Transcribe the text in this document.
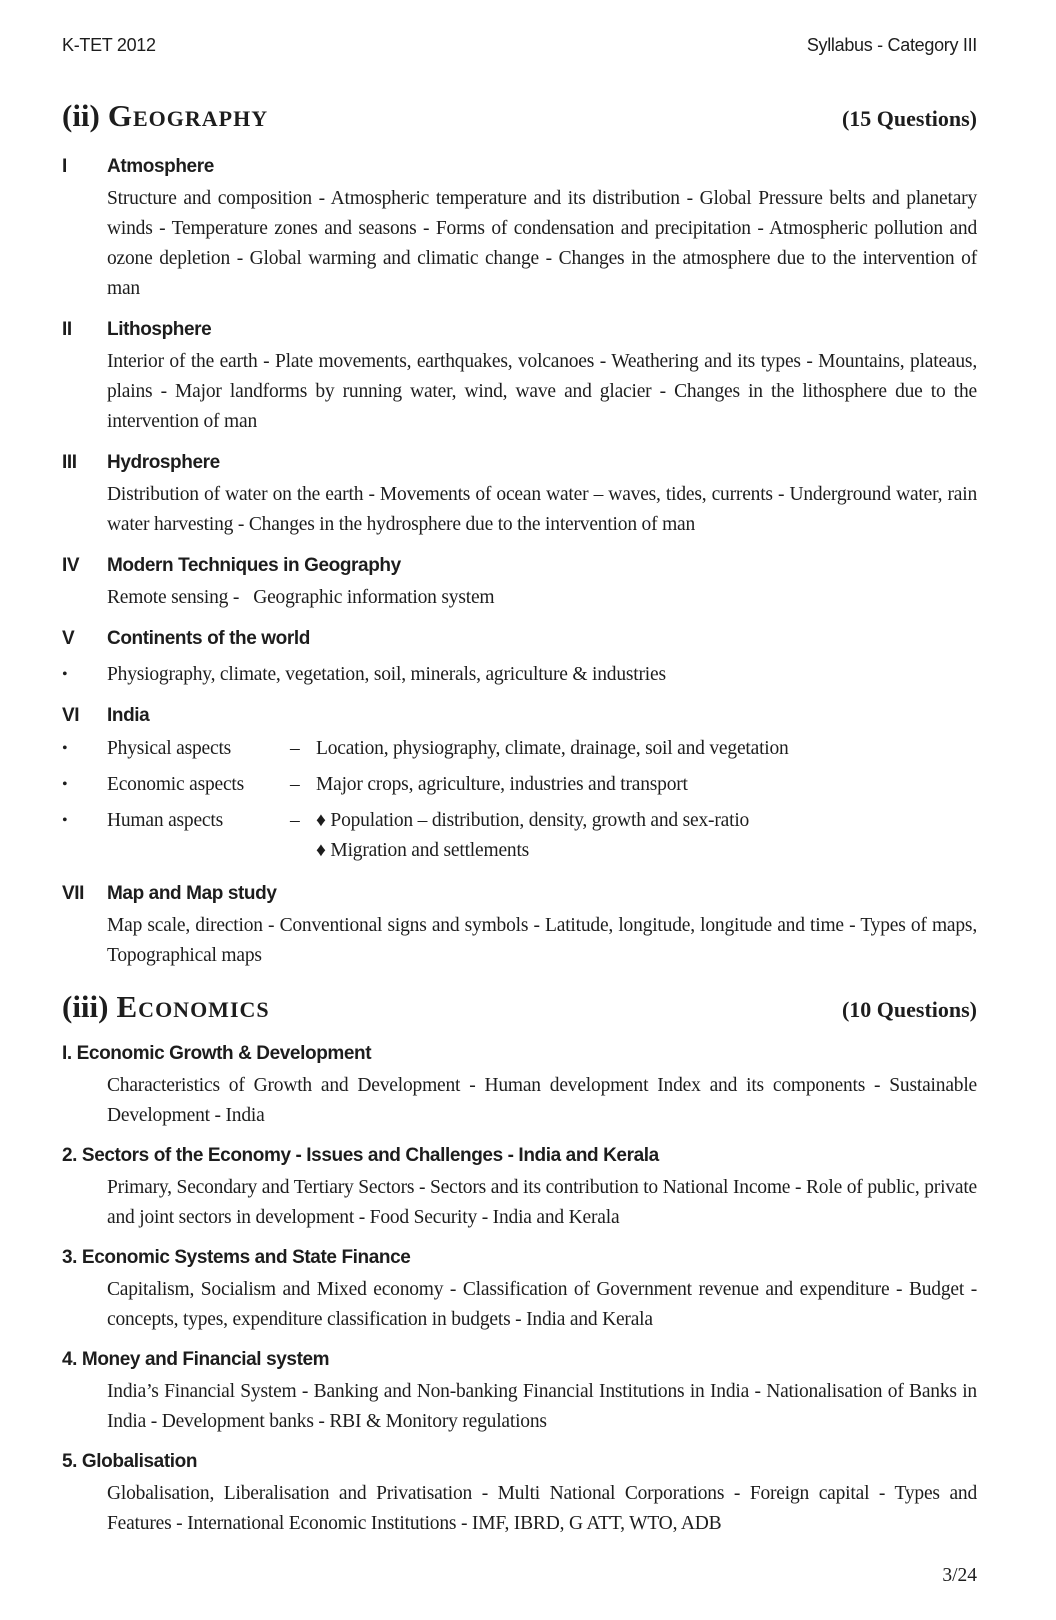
K-TET 2012	Syllabus - Category III
(ii) Geography	(15 Questions)
I	Atmosphere
Structure and composition - Atmospheric temperature and its distribution - Global Pressure belts and planetary winds - Temperature zones and seasons - Forms of condensation and precipitation - Atmospheric pollution and ozone depletion - Global warming and climatic change - Changes in the atmosphere due to the intervention of man
II	Lithosphere
Interior of the earth - Plate movements, earthquakes, volcanoes - Weathering and its types - Mountains, plateaus, plains - Major landforms by running water, wind, wave and glacier - Changes in the lithosphere due to the intervention of man
III	Hydrosphere
Distribution of water on the earth - Movements of ocean water – waves, tides, currents - Underground water, rain water harvesting - Changes in the hydrosphere due to the intervention of man
IV	Modern Techniques in Geography
Remote sensing -   Geographic information system
V	Continents of the world
•	Physiography, climate, vegetation, soil, minerals, agriculture & industries
VI	India
•	Physical aspects	– Location, physiography, climate, drainage, soil and vegetation
•	Economic aspects	– Major crops, agriculture, industries and transport
•	Human aspects	– ♦ Population – distribution, density, growth and sex-ratio
♦ Migration and settlements
VII	Map and Map study
Map scale, direction - Conventional signs and symbols - Latitude, longitude, longitude and time - Types of maps, Topographical maps
(iii) Economics	(10 Questions)
I. Economic Growth & Development
Characteristics of Growth and Development - Human development Index and its components - Sustainable Development - India
2. Sectors of the Economy - Issues and Challenges - India and Kerala
Primary, Secondary and Tertiary Sectors - Sectors and its contribution to National Income - Role of public, private and joint sectors in development - Food Security - India and Kerala
3. Economic Systems and State Finance
Capitalism, Socialism and Mixed economy - Classification of Government revenue and expenditure - Budget - concepts, types, expenditure classification in budgets - India and Kerala
4. Money and Financial system
India’s Financial System - Banking and Non-banking Financial Institutions in India - Nationalisation of Banks in India - Development banks - RBI & Monitory regulations
5. Globalisation
Globalisation, Liberalisation and Privatisation - Multi National Corporations - Foreign capital - Types and Features - International Economic Institutions - IMF, IBRD, G ATT, WTO, ADB
3/24
